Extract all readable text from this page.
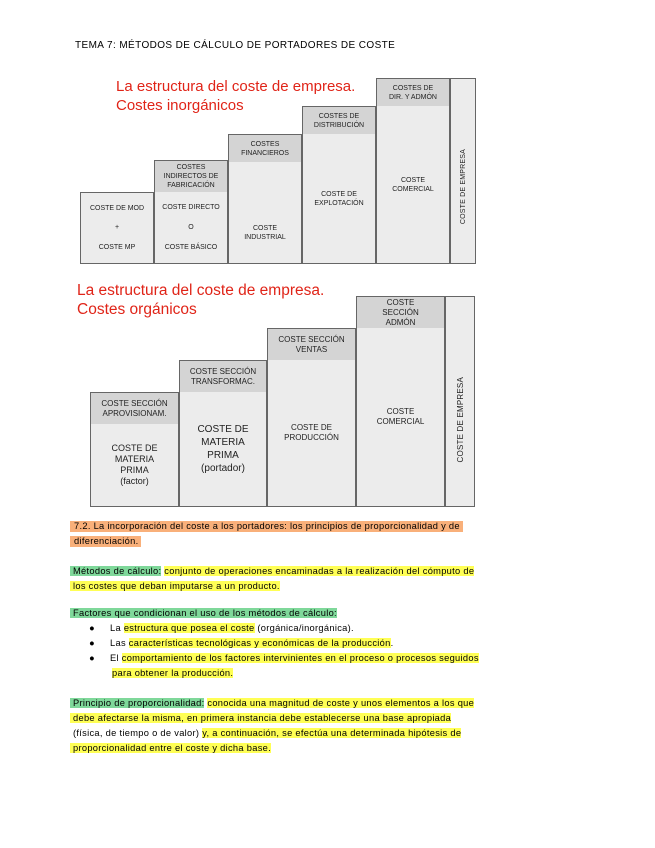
TEMA 7: MÉTODOS DE CÁLCULO DE PORTADORES DE COSTE
La estructura del coste de empresa.
Costes inorgánicos
COSTE DE MOD
+
COSTE MP
COSTES INDIRECTOS DE FABRICACIÓN
COSTE DIRECTO
O
COSTE BÁSICO
COSTES FINANCIEROS
COSTE INDUSTRIAL
COSTES DE DISTRIBUCIÓN
COSTE DE EXPLOTACIÓN
COSTES DE DIR. Y ADMÓN
COSTE COMERCIAL	COSTE DE EMPRESA
La estructura del coste de empresa.
Costes orgánicos
COSTE SECCIÓN APROVISIONAM.
COSTE DE MATERIA PRIMA (factor)
COSTE SECCIÓN TRANSFORMAC.
COSTE DE MATERIA PRIMA (portador)
COSTE SECCIÓN VENTAS
COSTE DE PRODUCCIÓN
COSTE SECCIÓN ADMÓN
COSTE COMERCIAL	COSTE DE EMPRESA
7.2. La incorporación del coste a los portadores: los principios de proporcionalidad y de
diferenciación.
Métodos de cálculo: conjunto de operaciones encaminadas a la realización del cómputo de
los costes que deban imputarse a un producto.
Factores que condicionan el uso de los métodos de cálculo:
● La estructura que posea el coste (orgánica/inorgánica).
● Las características tecnológicas y económicas de la producción.
● El comportamiento de los factores intervinientes en el proceso o procesos seguidos
para obtener la producción.
Principio de proporcionalidad: conocida una magnitud de coste y unos elementos a los que
debe afectarse la misma, en primera instancia debe establecerse una base apropiada
(física, de tiempo o de valor) y, a continuación, se efectúa una determinada hipótesis de
proporcionalidad entre el coste y dicha base.
